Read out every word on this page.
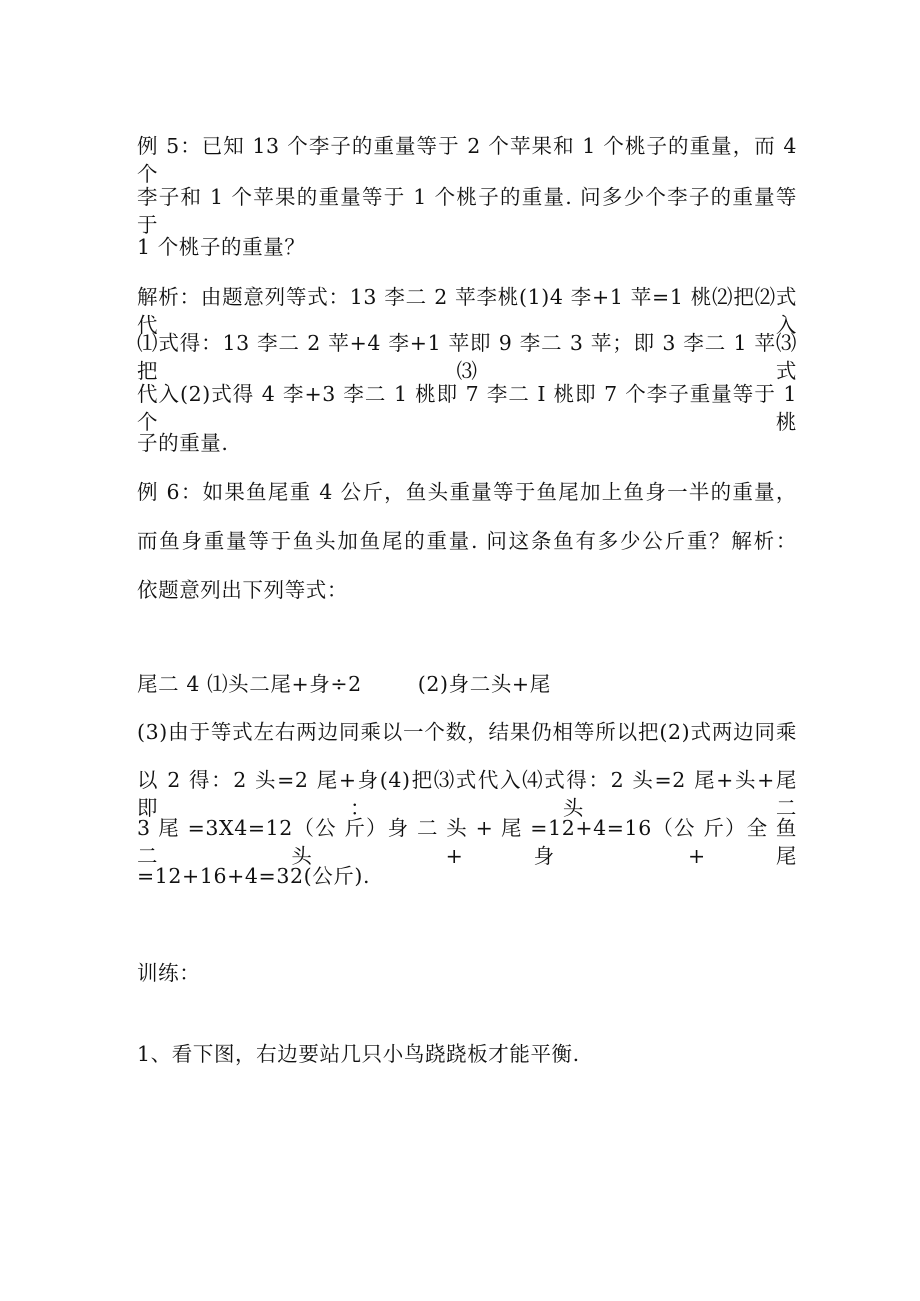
例 5：已知 13 个李子的重量等于 2 个苹果和 1 个桃子的重量，而 4 个
李子和 1 个苹果的重量等于 1 个桃子的重量. 问多少个李子的重量等于
1 个桃子的重量？
解析：由题意列等式：13 李二 2 苹李桃(1)4 李+1 苹=1 桃⑵把⑵式代入
⑴式得：13 李二 2 苹+4 李+1 苹即 9 李二 3 苹；即 3 李二 1 苹⑶把⑶式
代入(2)式得 4 李+3 李二 1 桃即 7 李二 I 桃即 7 个李子重量等于 1 个桃
子的重量.
例 6：如果鱼尾重 4 公斤，鱼头重量等于鱼尾加上鱼身一半的重量，
而鱼身重量等于鱼头加鱼尾的重量. 问这条鱼有多少公斤重？解析：
依题意列出下列等式：
尾二 4 ⑴头二尾+身÷2	(2)身二头+尾
(3)由于等式左右两边同乘以一个数，结果仍相等所以把(2)式两边同乘
以 2 得：2 头=2 尾+身(4)把⑶式代入⑷式得：2 头=2 尾+头+尾即：头二
3 尾 =3X4=12（公 斤）身 二 头 + 尾 =12+4=16（公 斤）全 鱼 二 头 + 身 + 尾
=12+16+4=32(公斤).
训练：
1、看下图，右边要站几只小鸟跷跷板才能平衡.
